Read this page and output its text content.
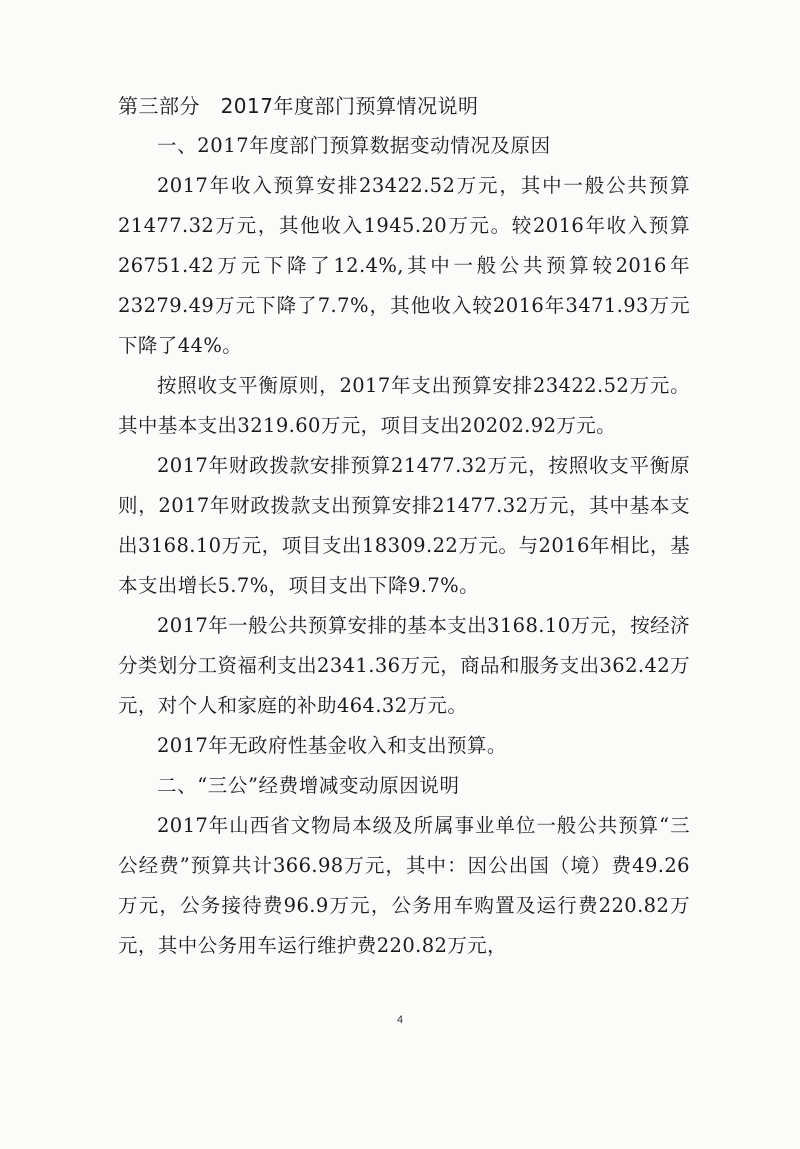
第三部分   2017年度部门预算情况说明

一、2017年度部门预算数据变动情况及原因

2017年收入预算安排23422.52万元，其中一般公共预算21477.32万元，其他收入1945.20万元。较2016年收入预算26751.42万元下降了12.4%,其中一般公共预算较2016年23279.49万元下降了7.7%，其他收入较2016年3471.93万元下降了44%。

按照收支平衡原则，2017年支出预算安排23422.52万元。其中基本支出3219.60万元，项目支出20202.92万元。

2017年财政拨款安排预算21477.32万元，按照收支平衡原则，2017年财政拨款支出预算安排21477.32万元，其中基本支出3168.10万元，项目支出18309.22万元。与2016年相比，基本支出增长5.7%，项目支出下降9.7%。

2017年一般公共预算安排的基本支出3168.10万元，按经济分类划分工资福利支出2341.36万元，商品和服务支出362.42万元，对个人和家庭的补助464.32万元。

2017年无政府性基金收入和支出预算。

二、“三公”经费增减变动原因说明

2017年山西省文物局本级及所属事业单位一般公共预算“三公经费”预算共计366.98万元，其中：因公出国（境）费49.26万元，公务接待费96.9万元，公务用车购置及运行费220.82万元，其中公务用车运行维护费220.82万元，

4
